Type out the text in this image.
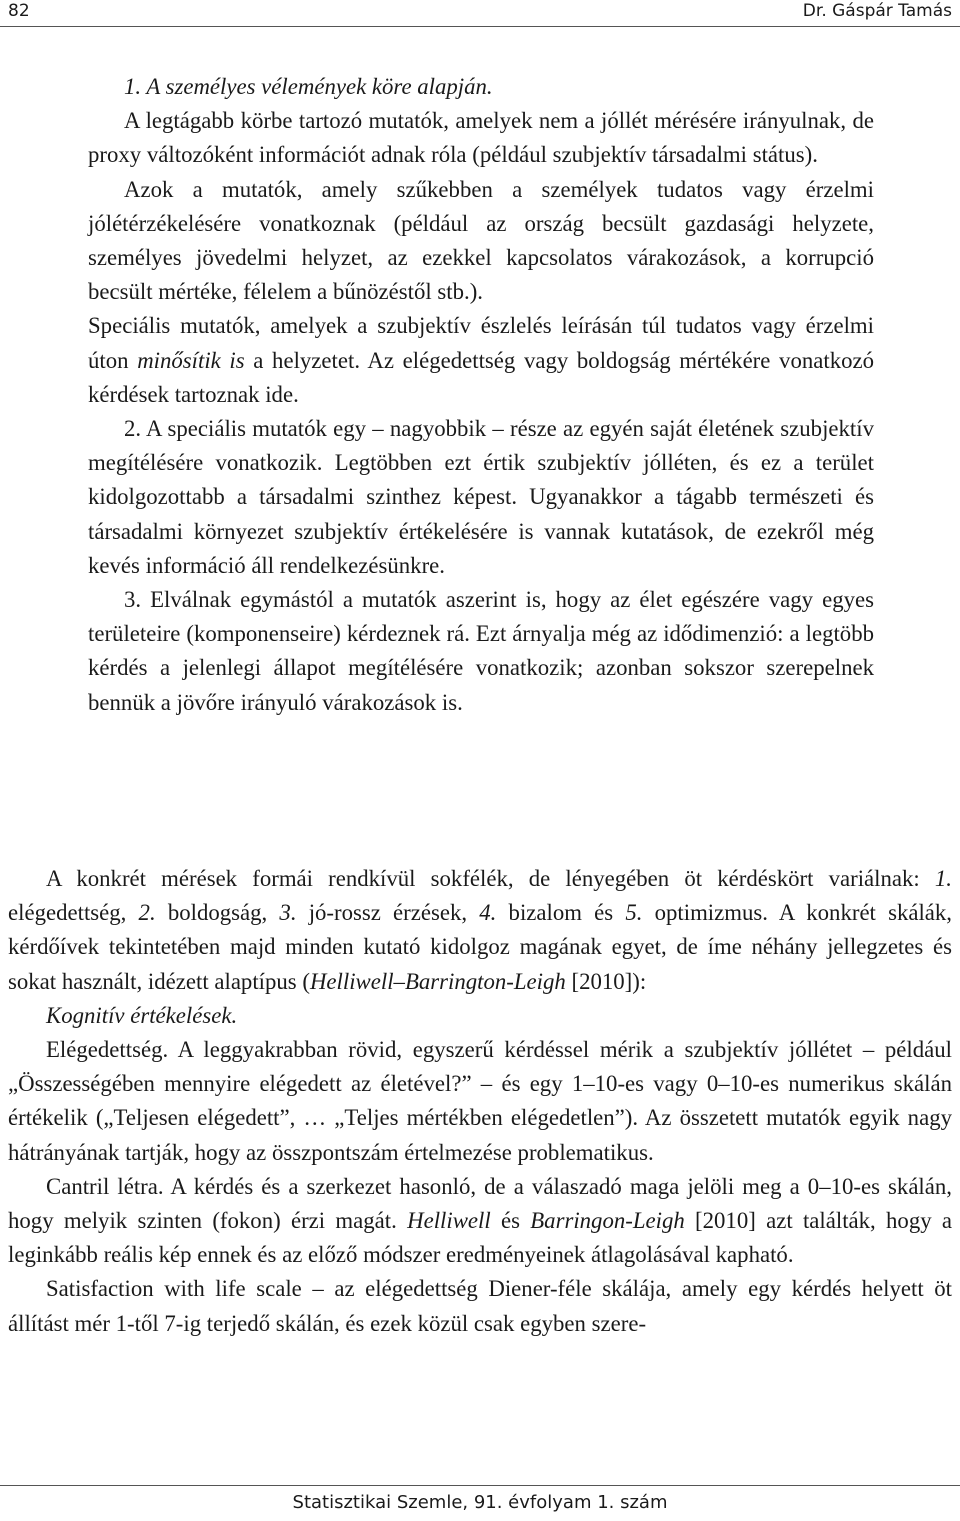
82	Dr. Gáspár Tamás

1. A személyes vélemények köre alapján.

A legtágabb körbe tartozó mutatók, amelyek nem a jóllét mérésére irányulnak, de proxy változóként információt adnak róla (például szubjektív társadalmi státus).

Azok a mutatók, amely szűkebben a személyek tudatos vagy érzelmi jólétérzékelésére vonatkoznak (például az ország becsült gazdasági helyzete, személyes jövedelmi helyzet, az ezekkel kapcsolatos várakozások, a korrupció becsült mértéke, félelem a bűnözéstől stb.).

Speciális mutatók, amelyek a szubjektív észlelés leírásán túl tudatos vagy érzelmi úton minősítik is a helyzetet. Az elégedettség vagy boldogság mértékére vonatkozó kérdések tartoznak ide.

2. A speciális mutatók egy – nagyobbik – része az egyén saját életének szubjektív megítélésére vonatkozik. Legtöbben ezt értik szubjektív jólléten, és ez a terület kidolgozottabb a társadalmi szinthez képest. Ugyanakkor a tágabb természeti és társadalmi környezet szubjektív értékelésére is vannak kutatások, de ezekről még kevés információ áll rendelkezésünkre.

3. Elválnak egymástól a mutatók aszerint is, hogy az élet egészére vagy egyes területeire (komponenseire) kérdeznek rá. Ezt árnyalja még az idődimenzió: a legtöbb kérdés a jelenlegi állapot megítélésére vonatkozik; azonban sokszor szerepelnek bennük a jövőre irányuló várakozások is.

A konkrét mérések formái rendkívül sokfélék, de lényegében öt kérdéskört variálnak: 1. elégedettség, 2. boldogság, 3. jó-rossz érzések, 4. bizalom és 5. optimizmus. A konkrét skálák, kérdőívek tekintetében majd minden kutató kidolgoz magának egyet, de íme néhány jellegzetes és sokat használt, idézett alaptípus (Helliwell–Barrington-Leigh [2010]):

Kognitív értékelések.

Elégedettség. A leggyakrabban rövid, egyszerű kérdéssel mérik a szubjektív jóllétet – például „Összességében mennyire elégedett az életével?” – és egy 1–10-es vagy 0–10-es numerikus skálán értékelik („Teljesen elégedett”, … „Teljes mértékben elégedetlen”). Az összetett mutatók egyik nagy hátrányának tartják, hogy az összpontszám értelmezése problematikus.

Cantril létra. A kérdés és a szerkezet hasonló, de a válaszadó maga jelöli meg a 0–10-es skálán, hogy melyik szinten (fokon) érzi magát. Helliwell és Barringon-Leigh [2010] azt találták, hogy a leginkább reális kép ennek és az előző módszer eredményeinek átlagolásával kapható.

Satisfaction with life scale – az elégedettség Diener-féle skálája, amely egy kérdés helyett öt állítást mér 1-től 7-ig terjedő skálán, és ezek közül csak egyben szere-

Statisztikai Szemle, 91. évfolyam 1. szám
